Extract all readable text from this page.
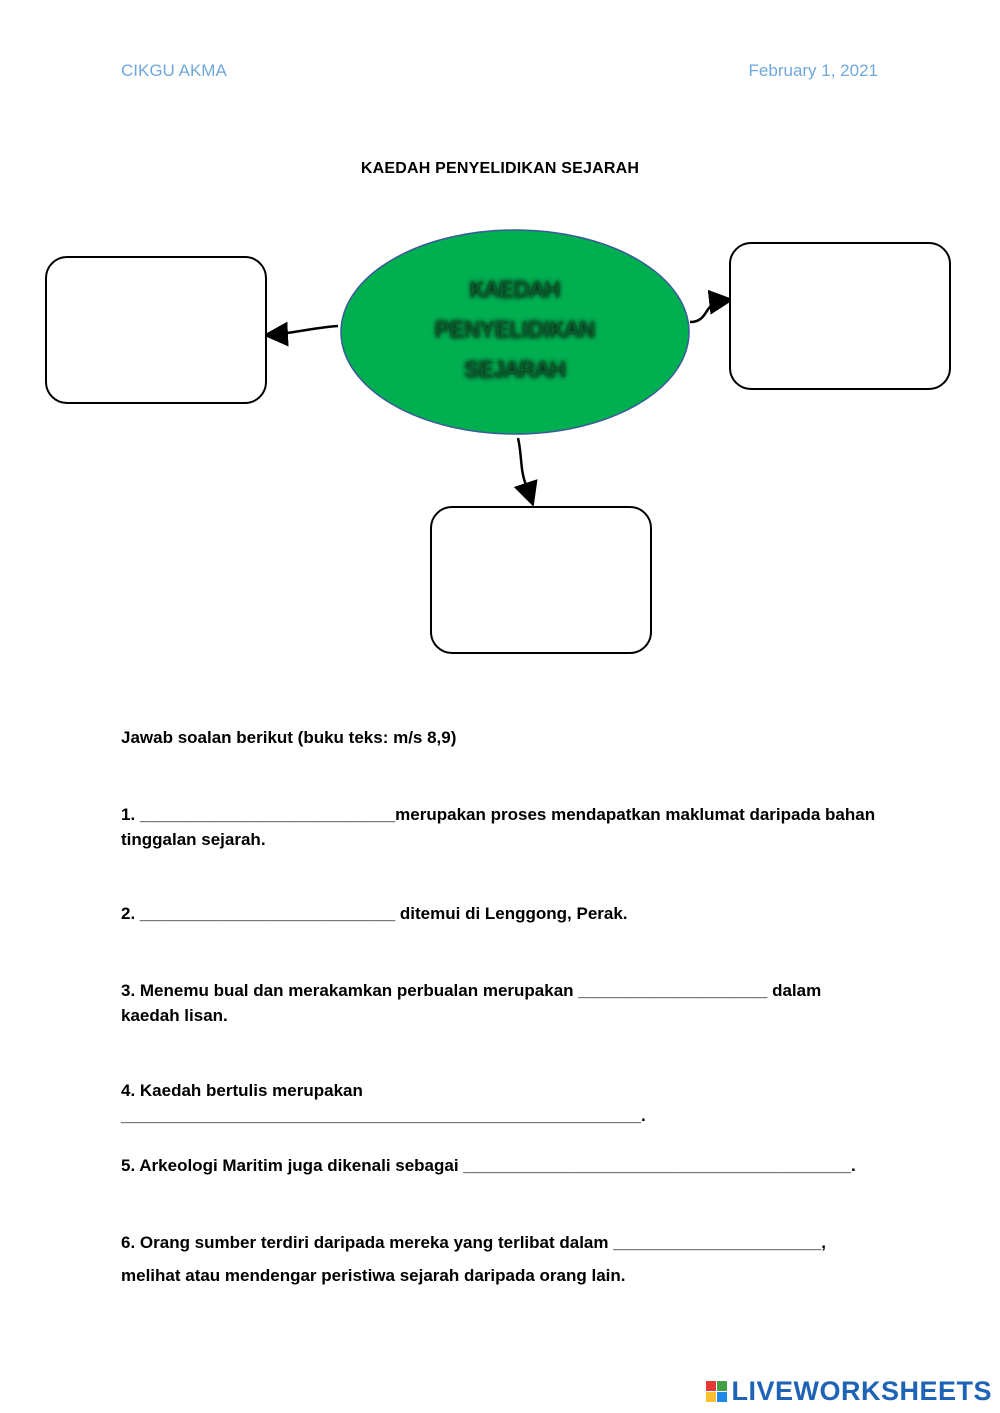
CIKGU AKMA	February 1, 2021
KAEDAH PENYELIDIKAN SEJARAH
KAEDAH
PENYELIDIKAN
SEJARAH
Jawab soalan berikut (buku teks: m/s 8,9)
1. ___________________________merupakan proses mendapatkan maklumat daripada bahan tinggalan sejarah.
2. ___________________________ ditemui di Lenggong, Perak.
3. Menemu bual dan merakamkan perbualan merupakan ____________________ dalam kaedah lisan.
4. Kaedah bertulis merupakan _______________________________________________________.
5. Arkeologi Maritim juga dikenali sebagai _________________________________________.
6. Orang sumber terdiri daripada mereka yang terlibat dalam ______________________,
melihat atau mendengar peristiwa sejarah daripada orang lain.
LIVEWORKSHEETS
